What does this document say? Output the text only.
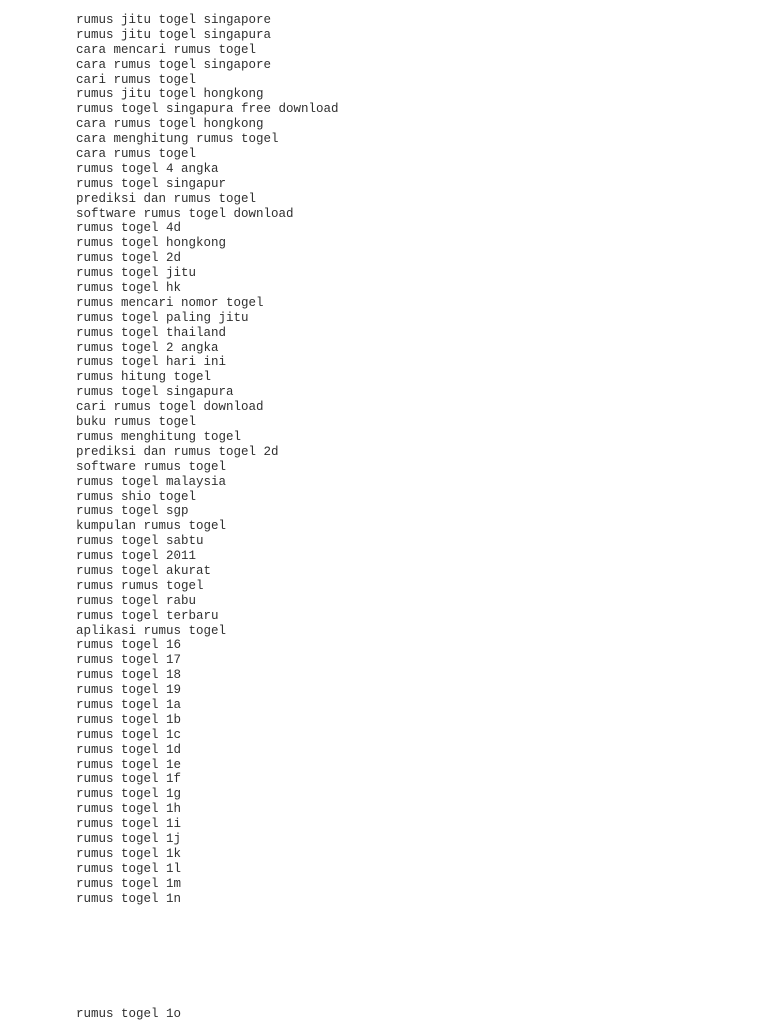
rumus jitu togel singapore
rumus jitu togel singapura
cara mencari rumus togel
cara rumus togel singapore
cari rumus togel
rumus jitu togel hongkong
rumus togel singapura free download
cara rumus togel hongkong
cara menghitung rumus togel
cara rumus togel
rumus togel 4 angka
rumus togel singapur
prediksi dan rumus togel
software rumus togel download
rumus togel 4d
rumus togel hongkong
rumus togel 2d
rumus togel jitu
rumus togel hk
rumus mencari nomor togel
rumus togel paling jitu
rumus togel thailand
rumus togel 2 angka
rumus togel hari ini
rumus hitung togel
rumus togel singapura
cari rumus togel download
buku rumus togel
rumus menghitung togel
prediksi dan rumus togel 2d
software rumus togel
rumus togel malaysia
rumus shio togel
rumus togel sgp
kumpulan rumus togel
rumus togel sabtu
rumus togel 2011
rumus togel akurat
rumus rumus togel
rumus togel rabu
rumus togel terbaru
aplikasi rumus togel
rumus togel 16
rumus togel 17
rumus togel 18
rumus togel 19
rumus togel 1a
rumus togel 1b
rumus togel 1c
rumus togel 1d
rumus togel 1e
rumus togel 1f
rumus togel 1g
rumus togel 1h
rumus togel 1i
rumus togel 1j
rumus togel 1k
rumus togel 1l
rumus togel 1m
rumus togel 1n

rumus togel 1o
